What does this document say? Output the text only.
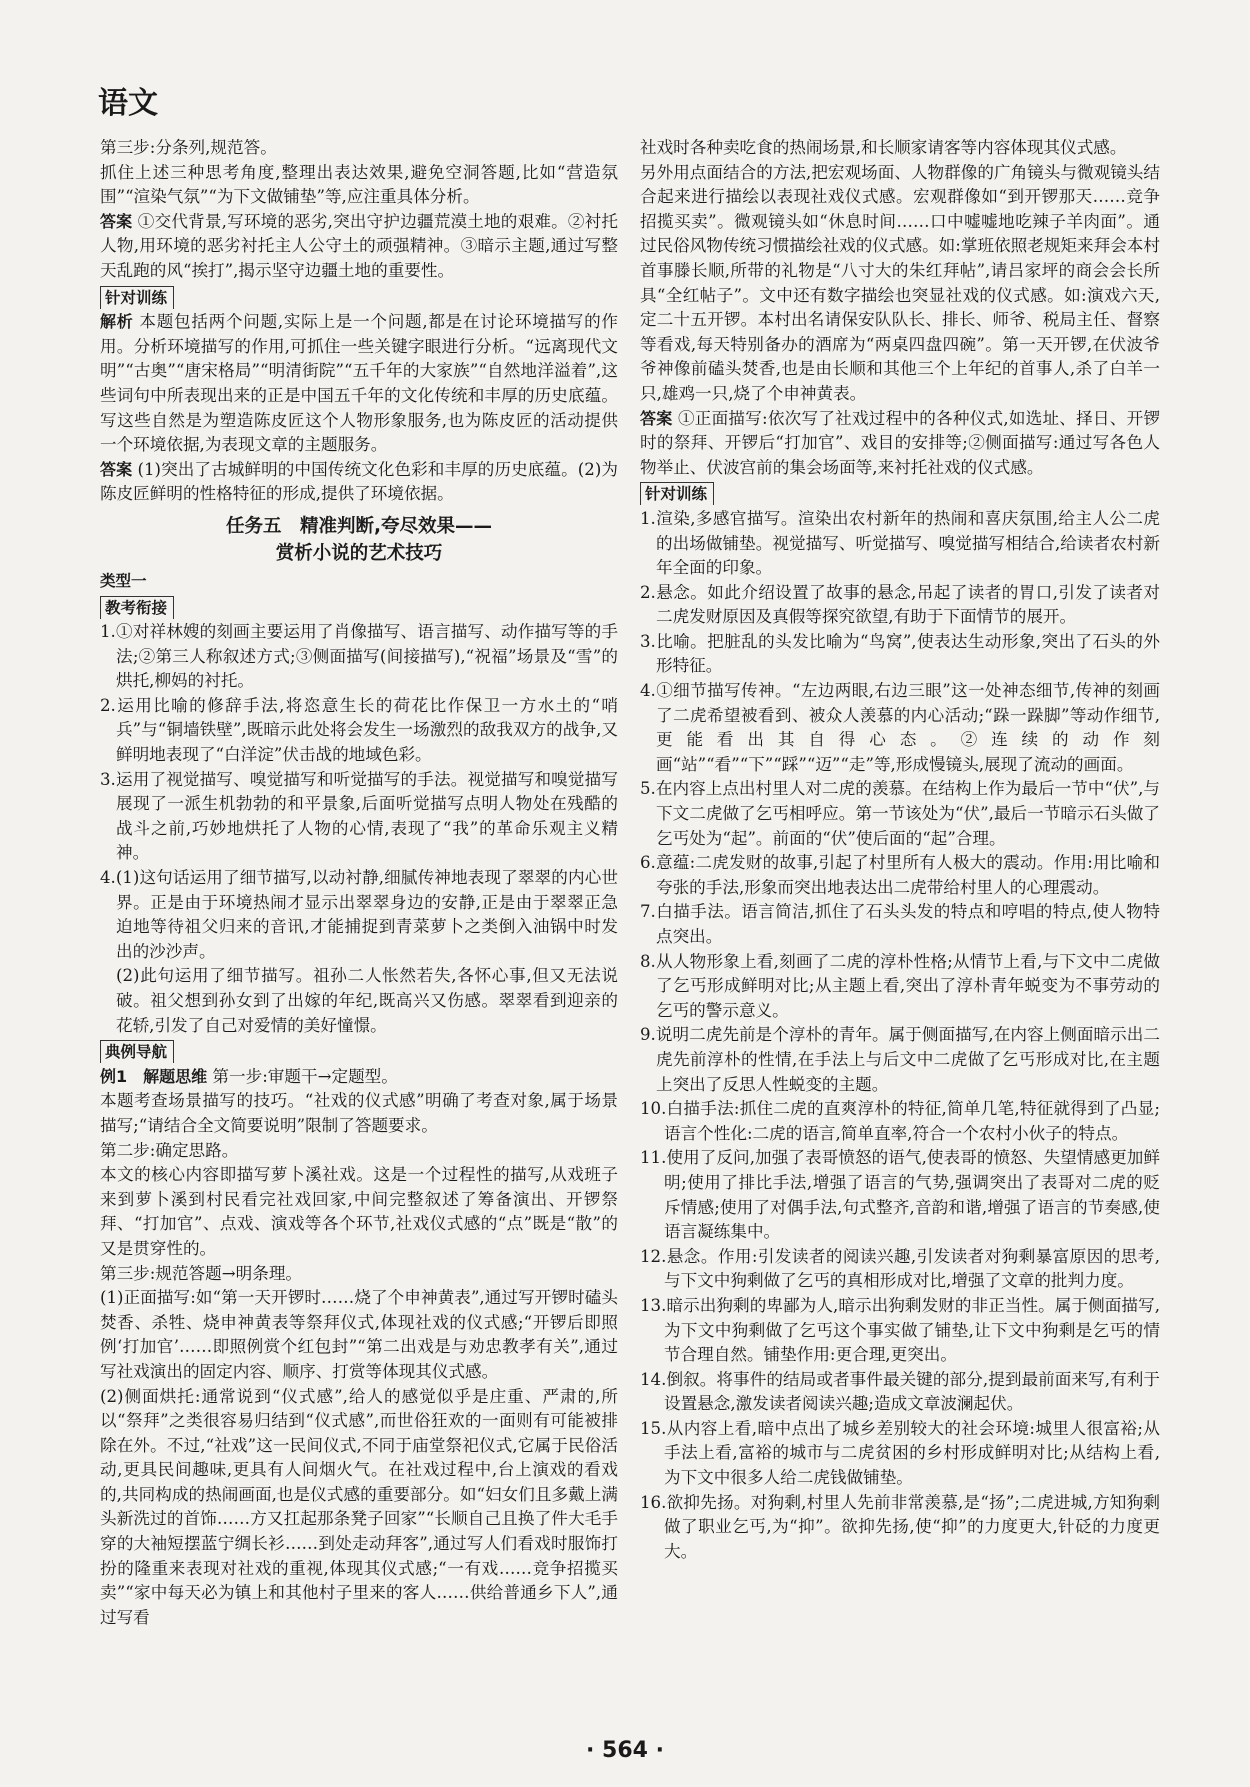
语文

第三步:分条列,规范答。

抓住上述三种思考角度,整理出表达效果,避免空洞答题,比如“营造氛围”“渲染气氛”“为下文做铺垫”等,应注重具体分析。

答案 ①交代背景,写环境的恶劣,突出守护边疆荒漠土地的艰难。②衬托人物,用环境的恶劣衬托主人公守土的顽强精神。③暗示主题,通过写整天乱跑的风“挨打”,揭示坚守边疆土地的重要性。

针对训练

解析 本题包括两个问题,实际上是一个问题,都是在讨论环境描写的作用。分析环境描写的作用,可抓住一些关键字眼进行分析。“远离现代文明”“古奥”“唐宋格局”“明清街院”“五千年的大家族”“自然地洋溢着”,这些词句中所表现出来的正是中国五千年的文化传统和丰厚的历史底蕴。写这些自然是为塑造陈皮匠这个人物形象服务,也为陈皮匠的活动提供一个环境依据,为表现文章的主题服务。

答案 (1)突出了古城鲜明的中国传统文化色彩和丰厚的历史底蕴。(2)为陈皮匠鲜明的性格特征的形成,提供了环境依据。

任务五　精准判断,夸尽效果——
赏析小说的艺术技巧
类型一
教考衔接

1.①对祥林嫂的刻画主要运用了肖像描写、语言描写、动作描写等的手法;②第三人称叙述方式;③侧面描写(间接描写),“祝福”场景及“雪”的烘托,柳妈的衬托。

2.运用比喻的修辞手法,将恣意生长的荷花比作保卫一方水土的“哨兵”与“铜墙铁壁”,既暗示此处将会发生一场激烈的敌我双方的战争,又鲜明地表现了“白洋淀”伏击战的地域色彩。

3.运用了视觉描写、嗅觉描写和听觉描写的手法。视觉描写和嗅觉描写展现了一派生机勃勃的和平景象,后面听觉描写点明人物处在残酷的战斗之前,巧妙地烘托了人物的心情,表现了“我”的革命乐观主义精神。

4.(1)这句话运用了细节描写,以动衬静,细腻传神地表现了翠翠的内心世界。正是由于环境热闹才显示出翠翠身边的安静,正是由于翠翠正急迫地等待祖父归来的音讯,才能捕捉到青菜萝卜之类倒入油锅中时发出的沙沙声。

(2)此句运用了细节描写。祖孙二人怅然若失,各怀心事,但又无法说破。祖父想到孙女到了出嫁的年纪,既高兴又伤感。翠翠看到迎亲的花轿,引发了自己对爱情的美好憧憬。

典例导航

例1　解题思维 第一步:审题干→定题型。

本题考查场景描写的技巧。“社戏的仪式感”明确了考查对象,属于场景描写;“请结合全文简要说明”限制了答题要求。

第二步:确定思路。

本文的核心内容即描写萝卜溪社戏。这是一个过程性的描写,从戏班子来到萝卜溪到村民看完社戏回家,中间完整叙述了筹备演出、开锣祭拜、“打加官”、点戏、演戏等各个环节,社戏仪式感的“点”既是“散”的又是贯穿性的。

第三步:规范答题→明条理。

(1)正面描写:如“第一天开锣时……烧了个申神黄表”,通过写开锣时磕头焚香、杀牲、烧申神黄表等祭拜仪式,体现社戏的仪式感;“开锣后即照例‘打加官’……即照例赏个红包封”“第二出戏是与劝忠教孝有关”,通过写社戏演出的固定内容、顺序、打赏等体现其仪式感。

(2)侧面烘托:通常说到“仪式感”,给人的感觉似乎是庄重、严肃的,所以“祭拜”之类很容易归结到“仪式感”,而世俗狂欢的一面则有可能被排除在外。不过,“社戏”这一民间仪式,不同于庙堂祭祀仪式,它属于民俗活动,更具民间趣味,更具有人间烟火气。在社戏过程中,台上演戏的看戏的,共同构成的热闹画面,也是仪式感的重要部分。如“妇女们且多戴上满头新洗过的首饰……方又扛起那条凳子回家”“长顺自己且换了件大毛手穿的大袖短摆蓝宁绸长衫……到处走动拜客”,通过写人们看戏时服饰打扮的隆重来表现对社戏的重视,体现其仪式感;“一有戏……竞争招揽买卖”“家中每天必为镇上和其他村子里来的客人……供给普通乡下人”,通过写看

社戏时各种卖吃食的热闹场景,和长顺家请客等内容体现其仪式感。

另外用点面结合的方法,把宏观场面、人物群像的广角镜头与微观镜头结合起来进行描绘以表现社戏仪式感。宏观群像如“到开锣那天……竞争招揽买卖”。微观镜头如“休息时间……口中嘘嘘地吃辣子羊肉面”。通过民俗风物传统习惯描绘社戏的仪式感。如:掌班依照老规矩来拜会本村首事滕长顺,所带的礼物是“八寸大的朱红拜帖”,请吕家坪的商会会长所具“全红帖子”。文中还有数字描绘也突显社戏的仪式感。如:演戏六天,定二十五开锣。本村出名请保安队队长、排长、师爷、税局主任、督察等看戏,每天特别备办的酒席为“两桌四盘四碗”。第一天开锣,在伏波爷爷神像前磕头焚香,也是由长顺和其他三个上年纪的首事人,杀了白羊一只,雄鸡一只,烧了个申神黄表。

答案 ①正面描写:依次写了社戏过程中的各种仪式,如选址、择日、开锣时的祭拜、开锣后“打加官”、戏目的安排等;②侧面描写:通过写各色人物举止、伏波宫前的集会场面等,来衬托社戏的仪式感。

针对训练

1.渲染,多感官描写。渲染出农村新年的热闹和喜庆氛围,给主人公二虎的出场做铺垫。视觉描写、听觉描写、嗅觉描写相结合,给读者农村新年全面的印象。

2.悬念。如此介绍设置了故事的悬念,吊起了读者的胃口,引发了读者对二虎发财原因及真假等探究欲望,有助于下面情节的展开。

3.比喻。把脏乱的头发比喻为“鸟窝”,使表达生动形象,突出了石头的外形特征。

4.①细节描写传神。“左边两眼,右边三眼”这一处神态细节,传神的刻画了二虎希望被看到、被众人羡慕的内心活动;“跺一跺脚”等动作细节,更能看出其自得心态。②连续的动作刻画“站”“看”“下”“踩”“迈”“走”等,形成慢镜头,展现了流动的画面。

5.在内容上点出村里人对二虎的羡慕。在结构上作为最后一节中“伏”,与下文二虎做了乞丐相呼应。第一节该处为“伏”,最后一节暗示石头做了乞丐处为“起”。前面的“伏”使后面的“起”合理。

6.意蕴:二虎发财的故事,引起了村里所有人极大的震动。作用:用比喻和夸张的手法,形象而突出地表达出二虎带给村里人的心理震动。

7.白描手法。语言简洁,抓住了石头头发的特点和哼唱的特点,使人物特点突出。

8.从人物形象上看,刻画了二虎的淳朴性格;从情节上看,与下文中二虎做了乞丐形成鲜明对比;从主题上看,突出了淳朴青年蜕变为不事劳动的乞丐的警示意义。

9.说明二虎先前是个淳朴的青年。属于侧面描写,在内容上侧面暗示出二虎先前淳朴的性情,在手法上与后文中二虎做了乞丐形成对比,在主题上突出了反思人性蜕变的主题。

10.白描手法:抓住二虎的直爽淳朴的特征,简单几笔,特征就得到了凸显;语言个性化:二虎的语言,简单直率,符合一个农村小伙子的特点。

11.使用了反问,加强了表哥愤怒的语气,使表哥的愤怒、失望情感更加鲜明;使用了排比手法,增强了语言的气势,强调突出了表哥对二虎的贬斥情感;使用了对偶手法,句式整齐,音韵和谐,增强了语言的节奏感,使语言凝练集中。

12.悬念。作用:引发读者的阅读兴趣,引发读者对狗剩暴富原因的思考,与下文中狗剩做了乞丐的真相形成对比,增强了文章的批判力度。

13.暗示出狗剩的卑鄙为人,暗示出狗剩发财的非正当性。属于侧面描写,为下文中狗剩做了乞丐这个事实做了铺垫,让下文中狗剩是乞丐的情节合理自然。铺垫作用:更合理,更突出。

14.倒叙。将事件的结局或者事件最关键的部分,提到最前面来写,有利于设置悬念,激发读者阅读兴趣;造成文章波澜起伏。

15.从内容上看,暗中点出了城乡差别较大的社会环境:城里人很富裕;从手法上看,富裕的城市与二虎贫困的乡村形成鲜明对比;从结构上看,为下文中很多人给二虎钱做铺垫。

16.欲抑先扬。对狗剩,村里人先前非常羡慕,是“扬”;二虎进城,方知狗剩做了职业乞丐,为“抑”。欲抑先扬,使“抑”的力度更大,针砭的力度更大。

· 564 ·
